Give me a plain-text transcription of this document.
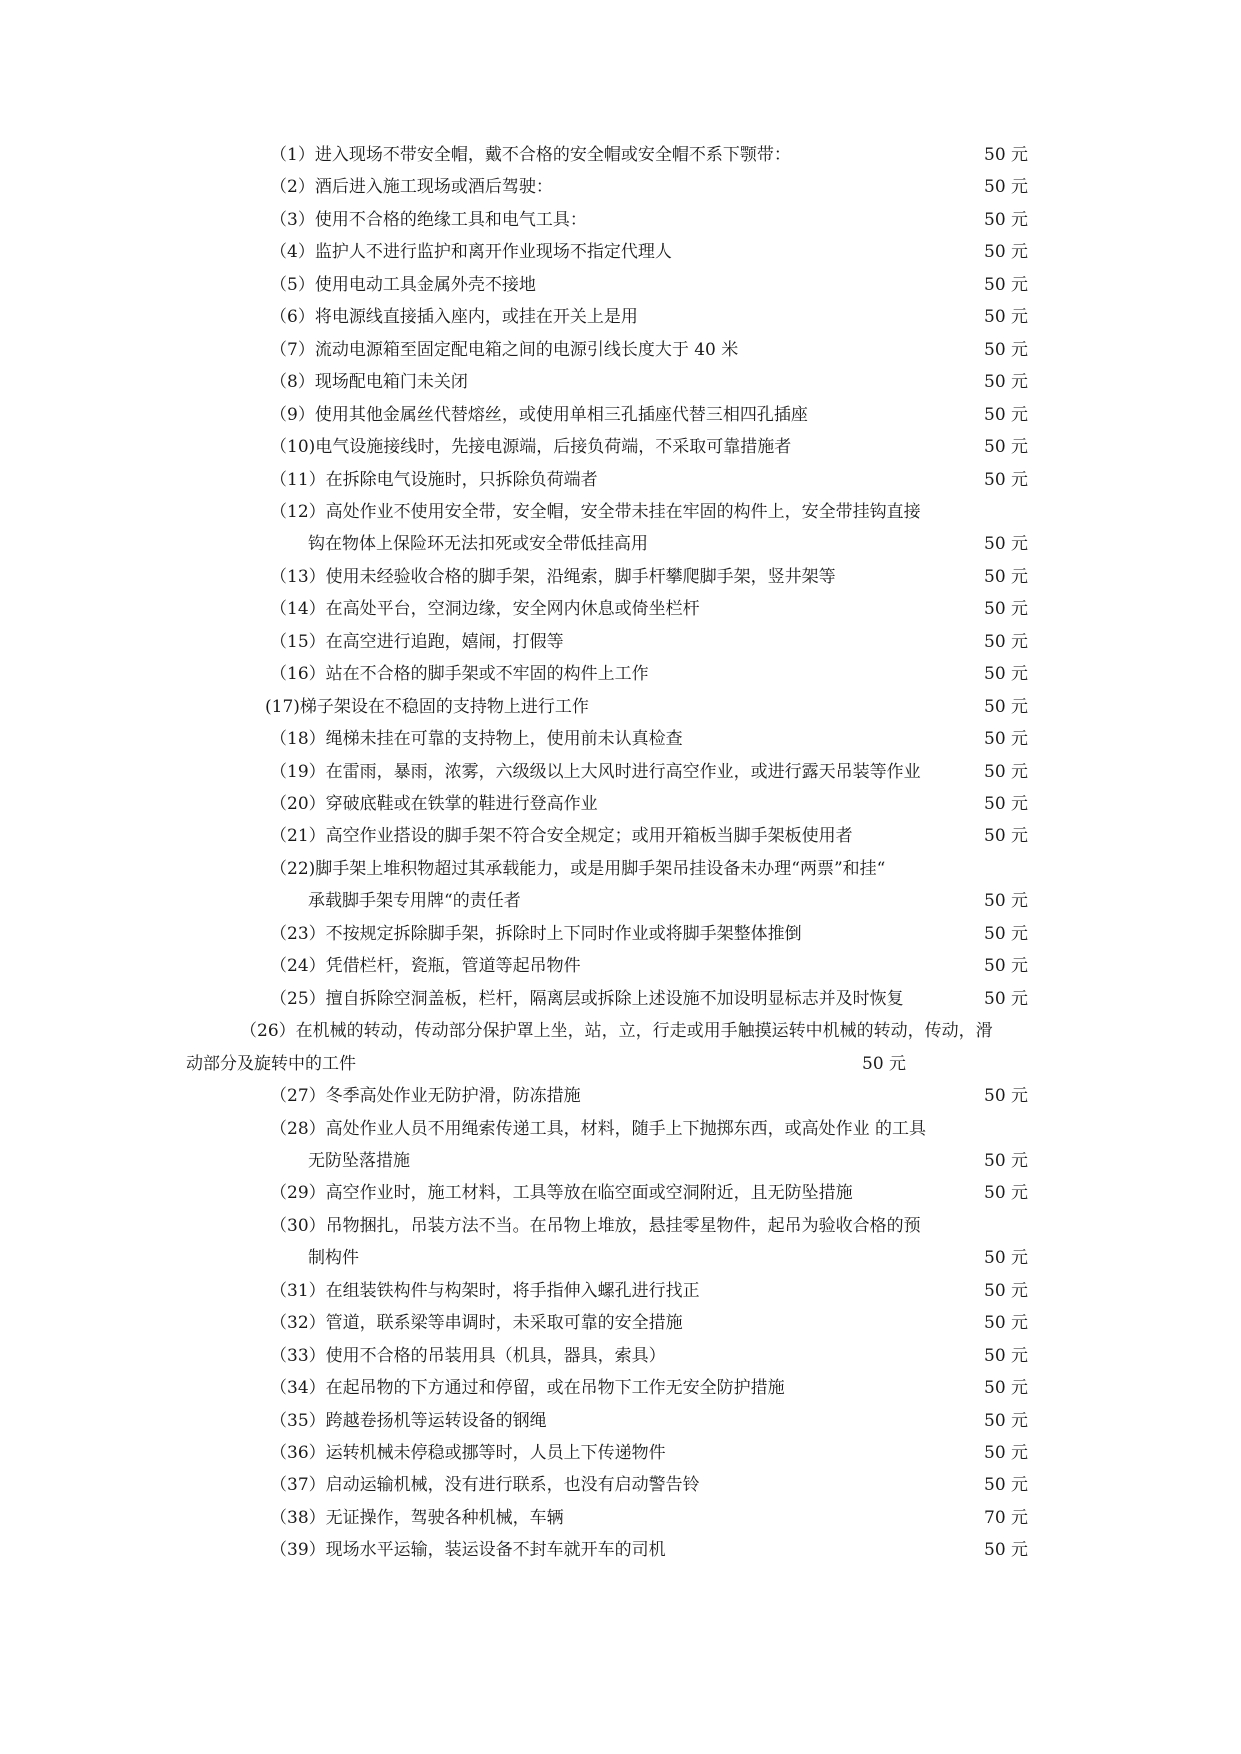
（1）进入现场不带安全帽，戴不合格的安全帽或安全帽不系下颚带：	50 元
（2）酒后进入施工现场或酒后驾驶：	50 元
（3）使用不合格的绝缘工具和电气工具：	50 元
（4）监护人不进行监护和离开作业现场不指定代理人	50 元
（5）使用电动工具金属外壳不接地	50 元
（6）将电源线直接插入座内，或挂在开关上是用	50 元
（7）流动电源箱至固定配电箱之间的电源引线长度大于 40 米	50 元
（8）现场配电箱门未关闭	50 元
（9）使用其他金属丝代替熔丝，或使用单相三孔插座代替三相四孔插座	50 元
（10)电气设施接线时，先接电源端，后接负荷端，不采取可靠措施者	50 元
（11）在拆除电气设施时，只拆除负荷端者	50 元
（12）高处作业不使用安全带，安全帽，安全带未挂在牢固的构件上，安全带挂钩直接
钩在物体上保险环无法扣死或安全带低挂高用	50 元
（13）使用未经验收合格的脚手架，沿绳索，脚手杆攀爬脚手架，竖井架等	50 元
（14）在高处平台，空洞边缘，安全网内休息或倚坐栏杆	50 元
（15）在高空进行追跑，嬉闹，打假等	50 元
（16）站在不合格的脚手架或不牢固的构件上工作	50 元
(17)梯子架设在不稳固的支持物上进行工作	50 元
（18）绳梯未挂在可靠的支持物上，使用前未认真检查	50 元
（19）在雷雨，暴雨，浓雾，六级级以上大风时进行高空作业，或进行露天吊装等作业	50 元
（20）穿破底鞋或在铁掌的鞋进行登高作业	50 元
（21）高空作业搭设的脚手架不符合安全规定；或用开箱板当脚手架板使用者	50 元
（22)脚手架上堆积物超过其承载能力，或是用脚手架吊挂设备未办理“两票”和挂“
承载脚手架专用牌“的责任者	50 元
（23）不按规定拆除脚手架，拆除时上下同时作业或将脚手架整体推倒	50 元
（24）凭借栏杆，瓷瓶，管道等起吊物件	50 元
（25）擅自拆除空洞盖板，栏杆，隔离层或拆除上述设施不加设明显标志并及时恢复	50 元
（26）在机械的转动，传动部分保护罩上坐，站，立，行走或用手触摸运转中机械的转动，传动，滑
动部分及旋转中的工件	50 元
（27）冬季高处作业无防护滑，防冻措施	50 元
（28）高处作业人员不用绳索传递工具，材料，随手上下抛掷东西，或高处作业 的工具
无防坠落措施	50 元
（29）高空作业时，施工材料，工具等放在临空面或空洞附近，且无防坠措施	50 元
（30）吊物捆扎，吊装方法不当。在吊物上堆放，悬挂零星物件，起吊为验收合格的预
制构件	50 元
（31）在组装铁构件与构架时，将手指伸入螺孔进行找正	50 元
（32）管道，联系梁等串调时，未采取可靠的安全措施	50 元
（33）使用不合格的吊装用具（机具，器具，索具）	50 元
（34）在起吊物的下方通过和停留，或在吊物下工作无安全防护措施	50 元
（35）跨越卷扬机等运转设备的钢绳	50 元
（36）运转机械未停稳或挪等时，人员上下传递物件	50 元
（37）启动运输机械，没有进行联系，也没有启动警告铃	50 元
（38）无证操作，驾驶各种机械，车辆	70 元
（39）现场水平运输，装运设备不封车就开车的司机	50 元
